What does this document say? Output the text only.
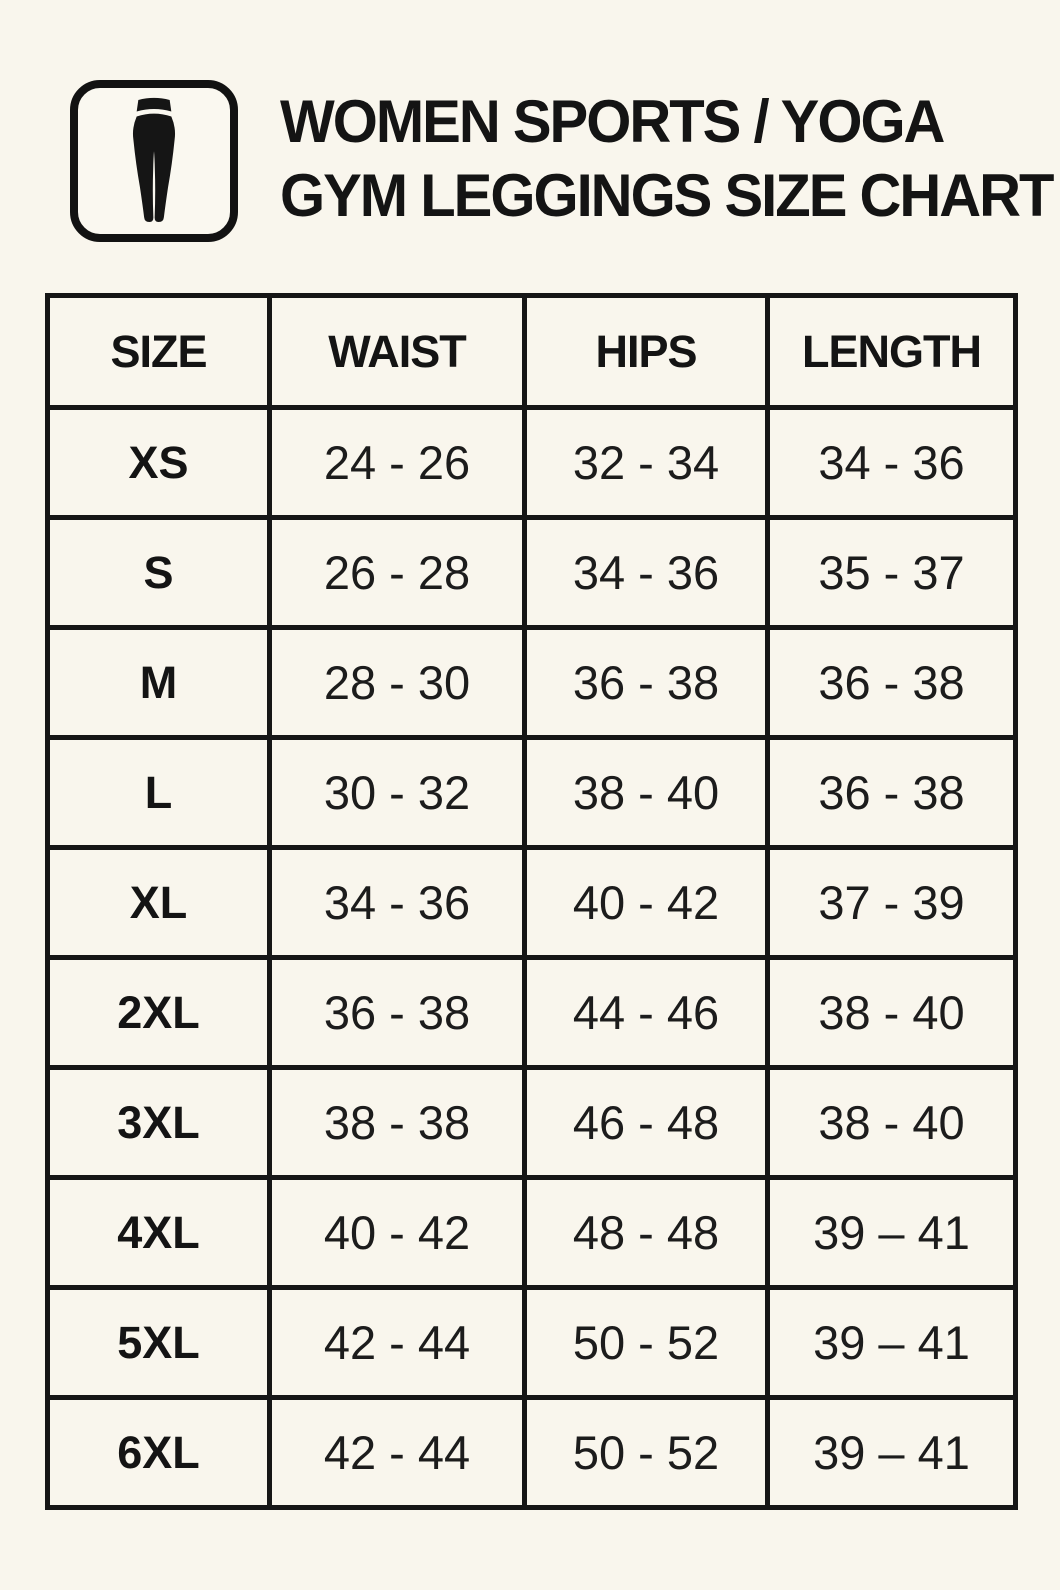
WOMEN SPORTS / YOGA
GYM LEGGINGS SIZE CHART
SIZE	WAIST	HIPS	LENGTH
XS	24 - 26	32 - 34	34 - 36
S	26 - 28	34 - 36	35 - 37
M	28 - 30	36 - 38	36 - 38
L	30 - 32	38 - 40	36 - 38
XL	34 - 36	40 - 42	37 - 39
2XL	36 - 38	44 - 46	38 - 40
3XL	38 - 38	46 - 48	38 - 40
4XL	40 - 42	48 - 48	39 – 41
5XL	42 - 44	50 - 52	39 – 41
6XL	42 - 44	50 - 52	39 – 41
